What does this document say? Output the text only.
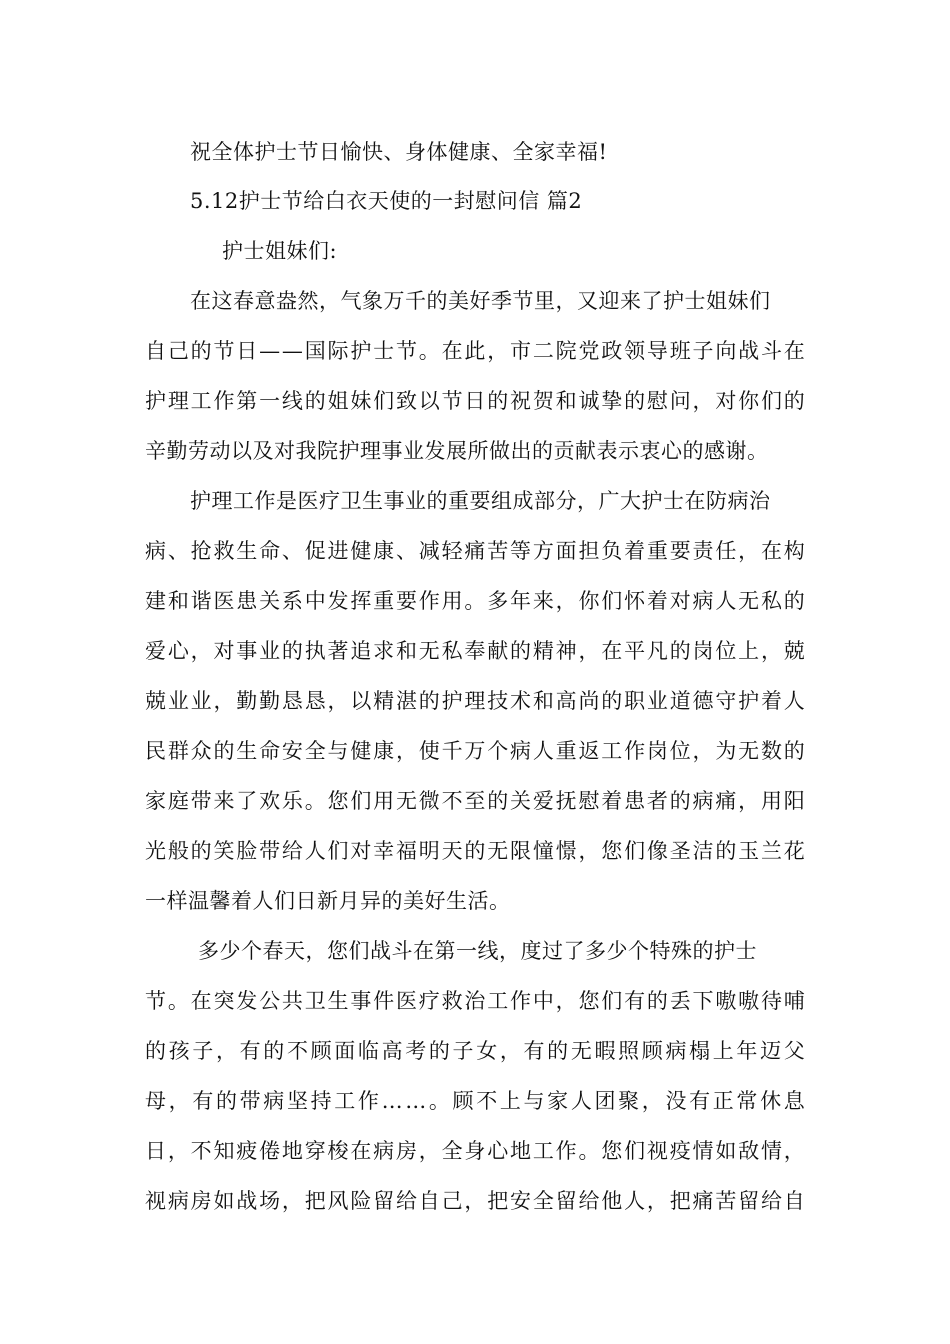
祝全体护士节日愉快、身体健康、全家幸福!
5.12护士节给白衣天使的一封慰问信 篇2
护士姐妹们:
在这春意盎然，气象万千的美好季节里，又迎来了护士姐妹们
自 己 的 节 日 — — 国 际 护 士 节 。 在 此 ， 市 二 院 党 政 领 导 班 子 向 战 斗 在
护 理 工 作 第 一 线 的 姐 妹 们 致 以 节 日 的 祝 贺 和 诚 挚 的 慰 问 ， 对 你 们 的
辛勤劳动以及对我院护理事业发展所做出的贡献表示衷心的感谢。
护理工作是医疗卫生事业的重要组成部分，广大护士在防病治
病 、 抢 救 生 命 、 促 进 健 康 、 减 轻 痛 苦 等 方 面 担 负 着 重 要 责 任 ， 在 构
建 和 谐 医 患 关 系 中 发 挥 重 要 作 用 。 多 年 来 ， 你 们 怀 着 对 病 人 无 私 的
爱 心 ， 对 事 业 的 执 著 追 求 和 无 私 奉 献 的 精 神 ， 在 平 凡 的 岗 位 上 ， 兢
兢 业 业 ， 勤 勤 恳 恳 ， 以 精 湛 的 护 理 技 术 和 高 尚 的 职 业 道 德 守 护 着 人
民 群 众 的 生 命 安 全 与 健 康 ， 使 千 万 个 病 人 重 返 工 作 岗 位 ， 为 无 数 的
家 庭 带 来 了 欢 乐 。 您 们 用 无 微 不 至 的 关 爱 抚 慰 着 患 者 的 病 痛 ， 用 阳
光 般 的 笑 脸 带 给 人 们 对 幸 福 明 天 的 无 限 憧 憬 ， 您 们 像 圣 洁 的 玉 兰 花
一样温馨着人们日新月异的美好生活。
多少个春天，您们战斗在第一线，度过了多少个特殊的护士
节 。 在 突 发 公 共 卫 生 事 件 医 疗 救 治 工 作 中 ， 您 们 有 的 丢 下 嗷 嗷 待 哺
的 孩 子 ， 有 的 不 顾 面 临 高 考 的 子 女 ， 有 的 无 暇 照 顾 病 榻 上 年 迈 父
母 ， 有 的 带 病 坚 持 工 作 … … 。 顾 不 上 与 家 人 团 聚 ， 没 有 正 常 休 息
日 ， 不 知 疲 倦 地 穿 梭 在 病 房 ， 全 身 心 地 工 作 。 您 们 视 疫 情 如 敌 情 ，
视 病 房 如 战 场 ， 把 风 险 留 给 自 己 ， 把 安 全 留 给 他 人 ， 把 痛 苦 留 给 自
